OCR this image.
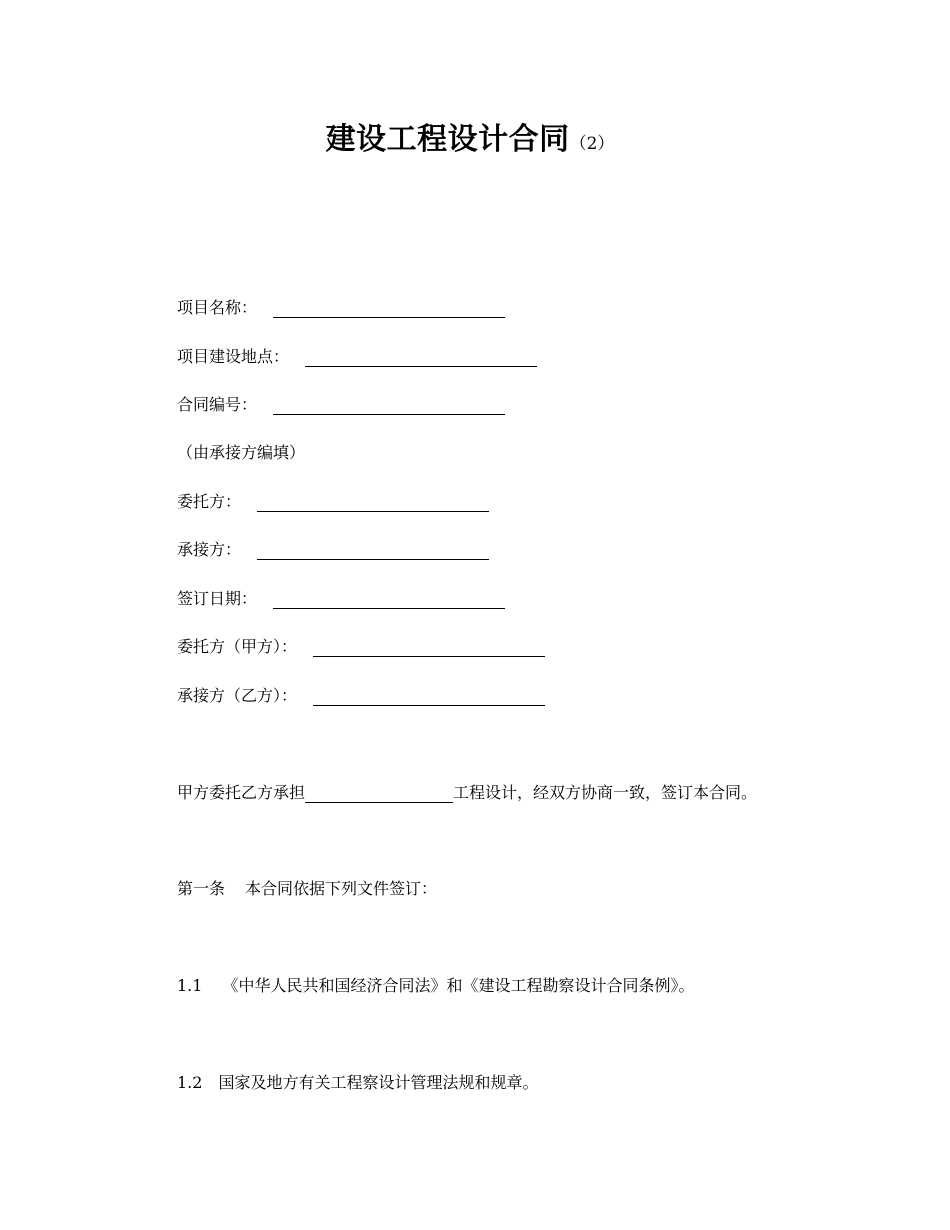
建设工程设计合同（2）
项目名称：
项目建设地点：
合同编号：
（由承接方编填）
委托方：
承接方：
签订日期：
委托方（甲方）：
承接方（乙方）：
甲方委托乙方承担	工程设计，经双方协商一致，签订本合同。
第一条 本合同依据下列文件签订：
1.1 《中华人民共和国经济合同法》和《建设工程勘察设计合同条例》。
1.2 国家及地方有关工程察设计管理法规和规章。
